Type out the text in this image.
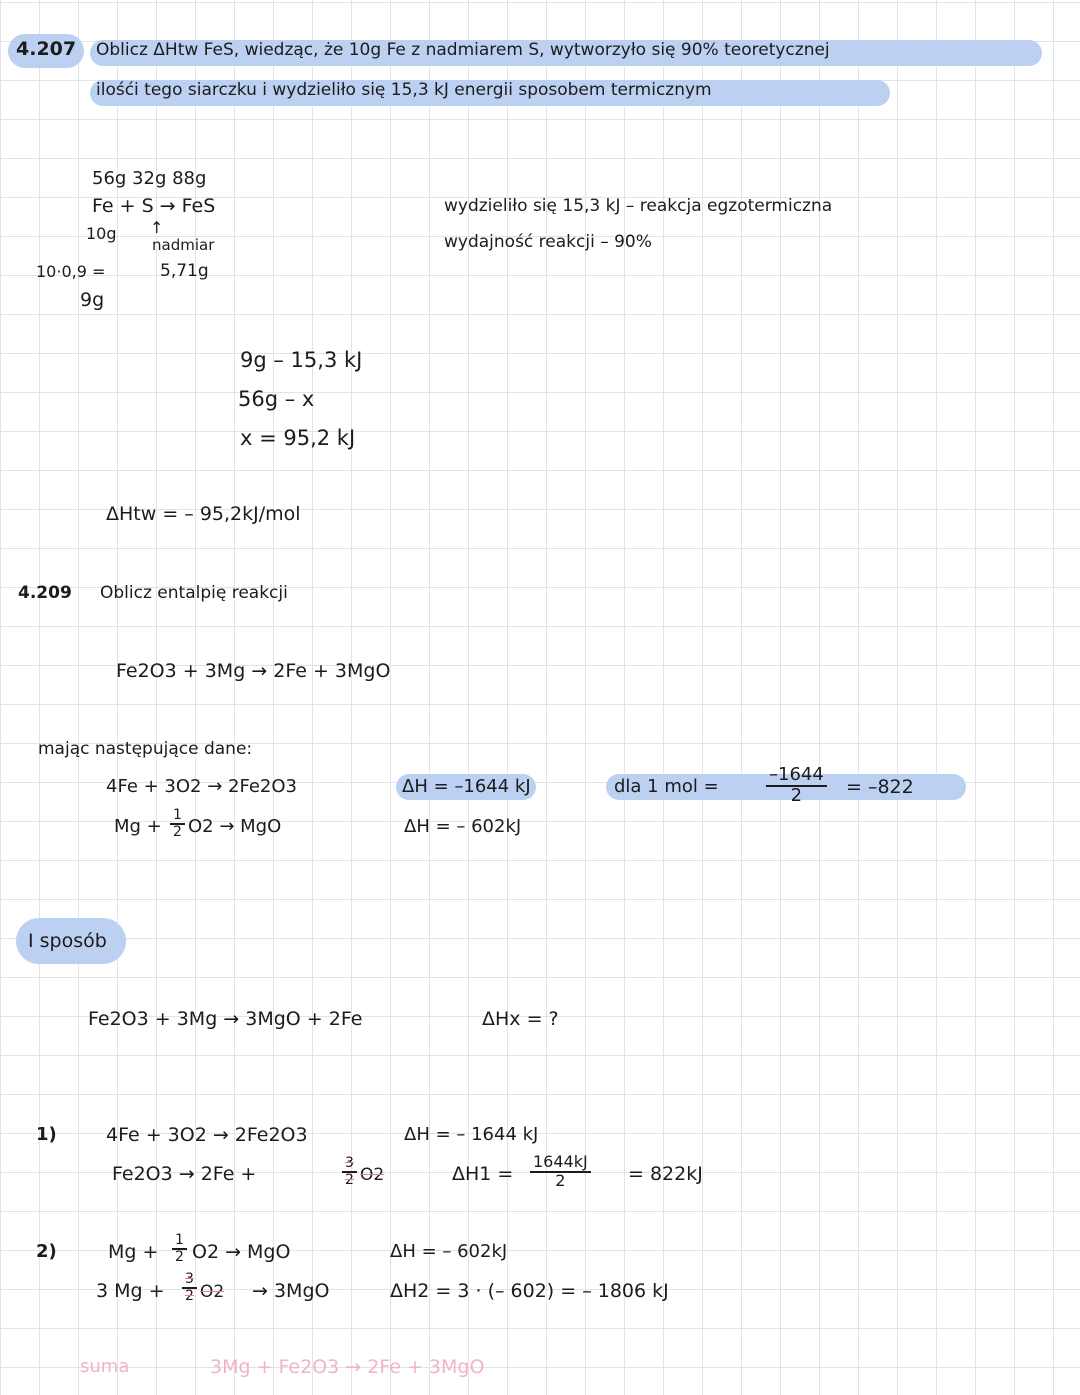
4.207 Oblicz ΔHtw FeS, wiedząc, że 10g Fe z nadmiarem S, wytworzyło się 90% teoretycznej
ilośći tego siarczku i wydzieliło się 15,3 kJ energii sposobem termicznym
56g 32g 88g
Fe + S → FeS
10g ↑
nadmiar
10·0,9 =	5,71g
9g
wydzieliło się 15,3 kJ – reakcja egzotermiczna
wydajność reakcji – 90%
9g – 15,3 kJ
56g – x
x = 95,2 kJ
ΔHtw = – 95,2kJ/mol
4.209 Oblicz entalpię reakcji
Fe2O3 + 3Mg → 2Fe + 3MgO
mając następujące dane:
4Fe + 3O2 → 2Fe2O3	ΔH = –1644 kJ	dla 1 mol =	$\frac{-1644}{2} = -822$
$Mg + \frac{1}{2} O2$ → MgO	ΔH = – 602kJ
I sposób
Fe2O3 + 3Mg → 3MgO + 2Fe	ΔHx = ?
1)	4Fe + 3O2 → 2Fe2O3	ΔH = – 1644 kJ
Fe2O3 → 2Fe +	$\frac{3}{2} O2$	$\Delta H1 = \frac{1644kJ}{2} = 822kJ$
2)	$Mg + \frac{1}{2} O2$ → MgO	ΔH = – 602kJ
3 $Mg + \frac{3}{2} O2 \to 3MgO$	ΔH2 = 3 · (– 602) = – 1806 kJ
suma	3Mg + Fe2O3 → 2Fe + 3MgO
